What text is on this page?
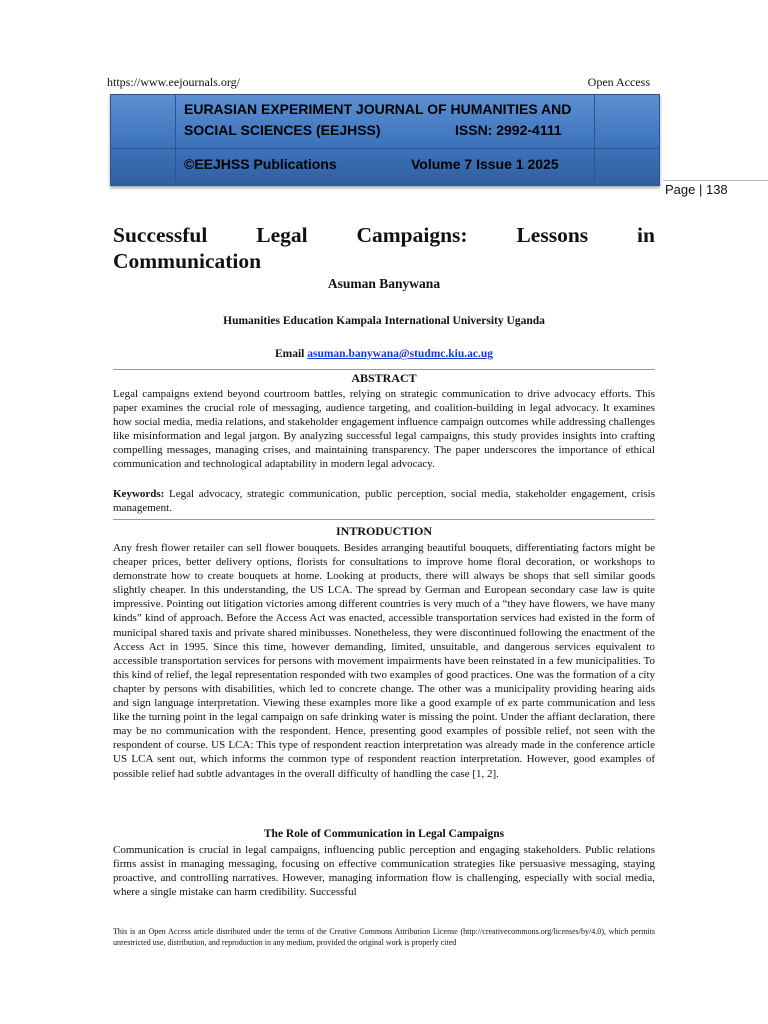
https://www.eejournals.org/	Open Access
EURASIAN EXPERIMENT JOURNAL OF HUMANITIES AND
SOCIAL SCIENCES (EEJHSS)	ISSN: 2992-4111
©EEJHSS Publications	Volume 7 Issue 1 2025
Page | 138
Successful Legal Campaigns: Lessons in
Communication
Asuman Banywana
Humanities Education Kampala International University Uganda
Email asuman.banywana@studmc.kiu.ac.ug
ABSTRACT

Legal campaigns extend beyond courtroom battles, relying on strategic communication to drive advocacy efforts. This paper examines the crucial role of messaging, audience targeting, and coalition-building in legal advocacy. It examines how social media, media relations, and stakeholder engagement influence campaign outcomes while addressing challenges like misinformation and legal jargon. By analyzing successful legal campaigns, this study provides insights into crafting compelling messages, managing crises, and maintaining transparency. The paper underscores the importance of ethical communication and technological adaptability in modern legal advocacy.

Keywords: Legal advocacy, strategic communication, public perception, social media, stakeholder engagement, crisis management.

INTRODUCTION

Any fresh flower retailer can sell flower bouquets. Besides arranging beautiful bouquets, differentiating factors might be cheaper prices, better delivery options, florists for consultations to improve home floral decoration, or workshops to demonstrate how to create bouquets at home. Looking at products, there will always be shops that sell similar goods slightly cheaper. In this understanding, the US LCA. The spread by German and European secondary case law is quite impressive. Pointing out litigation victories among different countries is very much of a “they have flowers, we have many kinds” kind of approach. Before the Access Act was enacted, accessible transportation services had existed in the form of municipal shared taxis and private shared minibusses. Nonetheless, they were discontinued following the enactment of the Access Act in 1995. Since this time, however demanding, limited, unsuitable, and dangerous services equivalent to accessible transportation services for persons with movement impairments have been reinstated in a few municipalities. To this kind of relief, the legal representation responded with two examples of good practices. One was the formation of a city chapter by persons with disabilities, which led to concrete change. The other was a municipality providing hearing aids and sign language interpretation. Viewing these examples more like a good example of ex parte communication and less like the turning point in the legal campaign on safe drinking water is missing the point. Under the affiant declaration, there may be no communication with the respondent. Hence, presenting good examples of possible relief, not seen with the respondent of course. US LCA: This type of respondent reaction interpretation was already made in the conference article US LCA sent out, which informs the common type of respondent reaction interpretation. However, good examples of possible relief had subtle advantages in the overall difficulty of handling the case [1, 2].

The Role of Communication in Legal Campaigns

Communication is crucial in legal campaigns, influencing public perception and engaging stakeholders. Public relations firms assist in managing messaging, focusing on effective communication strategies like persuasive messaging, staying proactive, and controlling narratives. However, managing information flow is challenging, especially with social media, where a single mistake can harm credibility. Successful

This is an Open Access article distributed under the terms of the Creative Commons Attribution License (http://creativecommons.org/licenses/by/4.0), which permits unrestricted use, distribution, and reproduction in any medium, provided the original work is properly cited
